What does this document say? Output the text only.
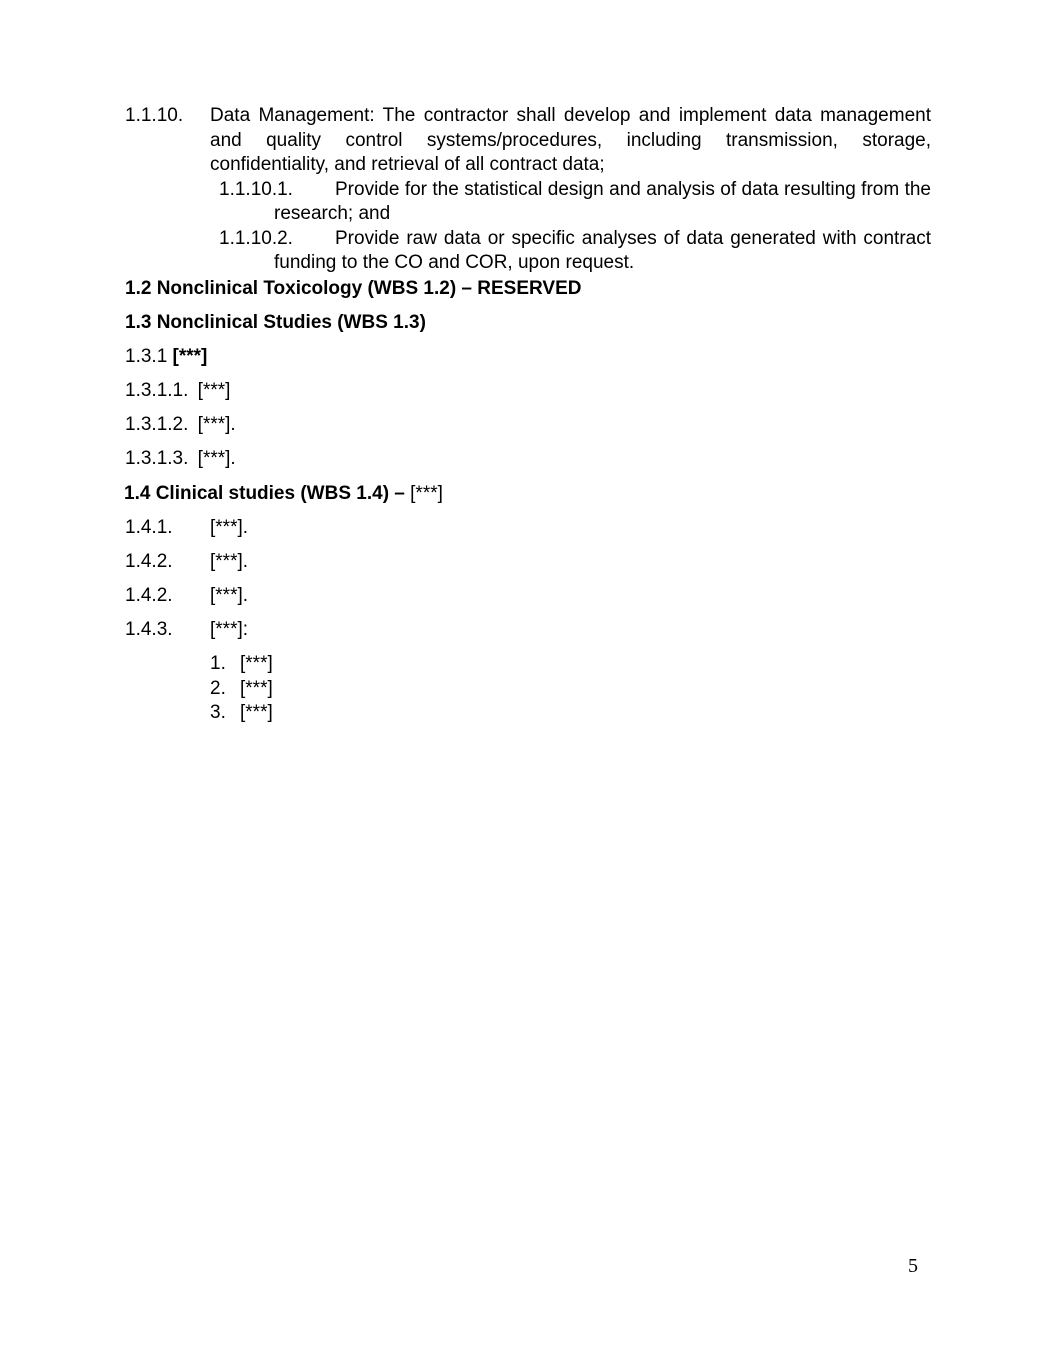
1.1.10. Data Management: The contractor shall develop and implement data management and quality control systems/procedures, including transmission, storage, confidentiality, and retrieval of all contract data;
1.1.10.1.	Provide for the statistical design and analysis of data resulting from the research; and
1.1.10.2.	Provide raw data or specific analyses of data generated with contract funding to the CO and COR, upon request.
1.2 Nonclinical Toxicology (WBS 1.2) – RESERVED
1.3 Nonclinical Studies (WBS 1.3)
1.3.1 [***]
1.3.1.1. [***]
1.3.1.2. [***].
1.3.1.3. [***].
1.4 Clinical studies (WBS 1.4) – [***]
1.4.1. [***].
1.4.2. [***].
1.4.2. [***].
1.4.3. [***]:
1. [***]
2. [***]
3. [***]
5
